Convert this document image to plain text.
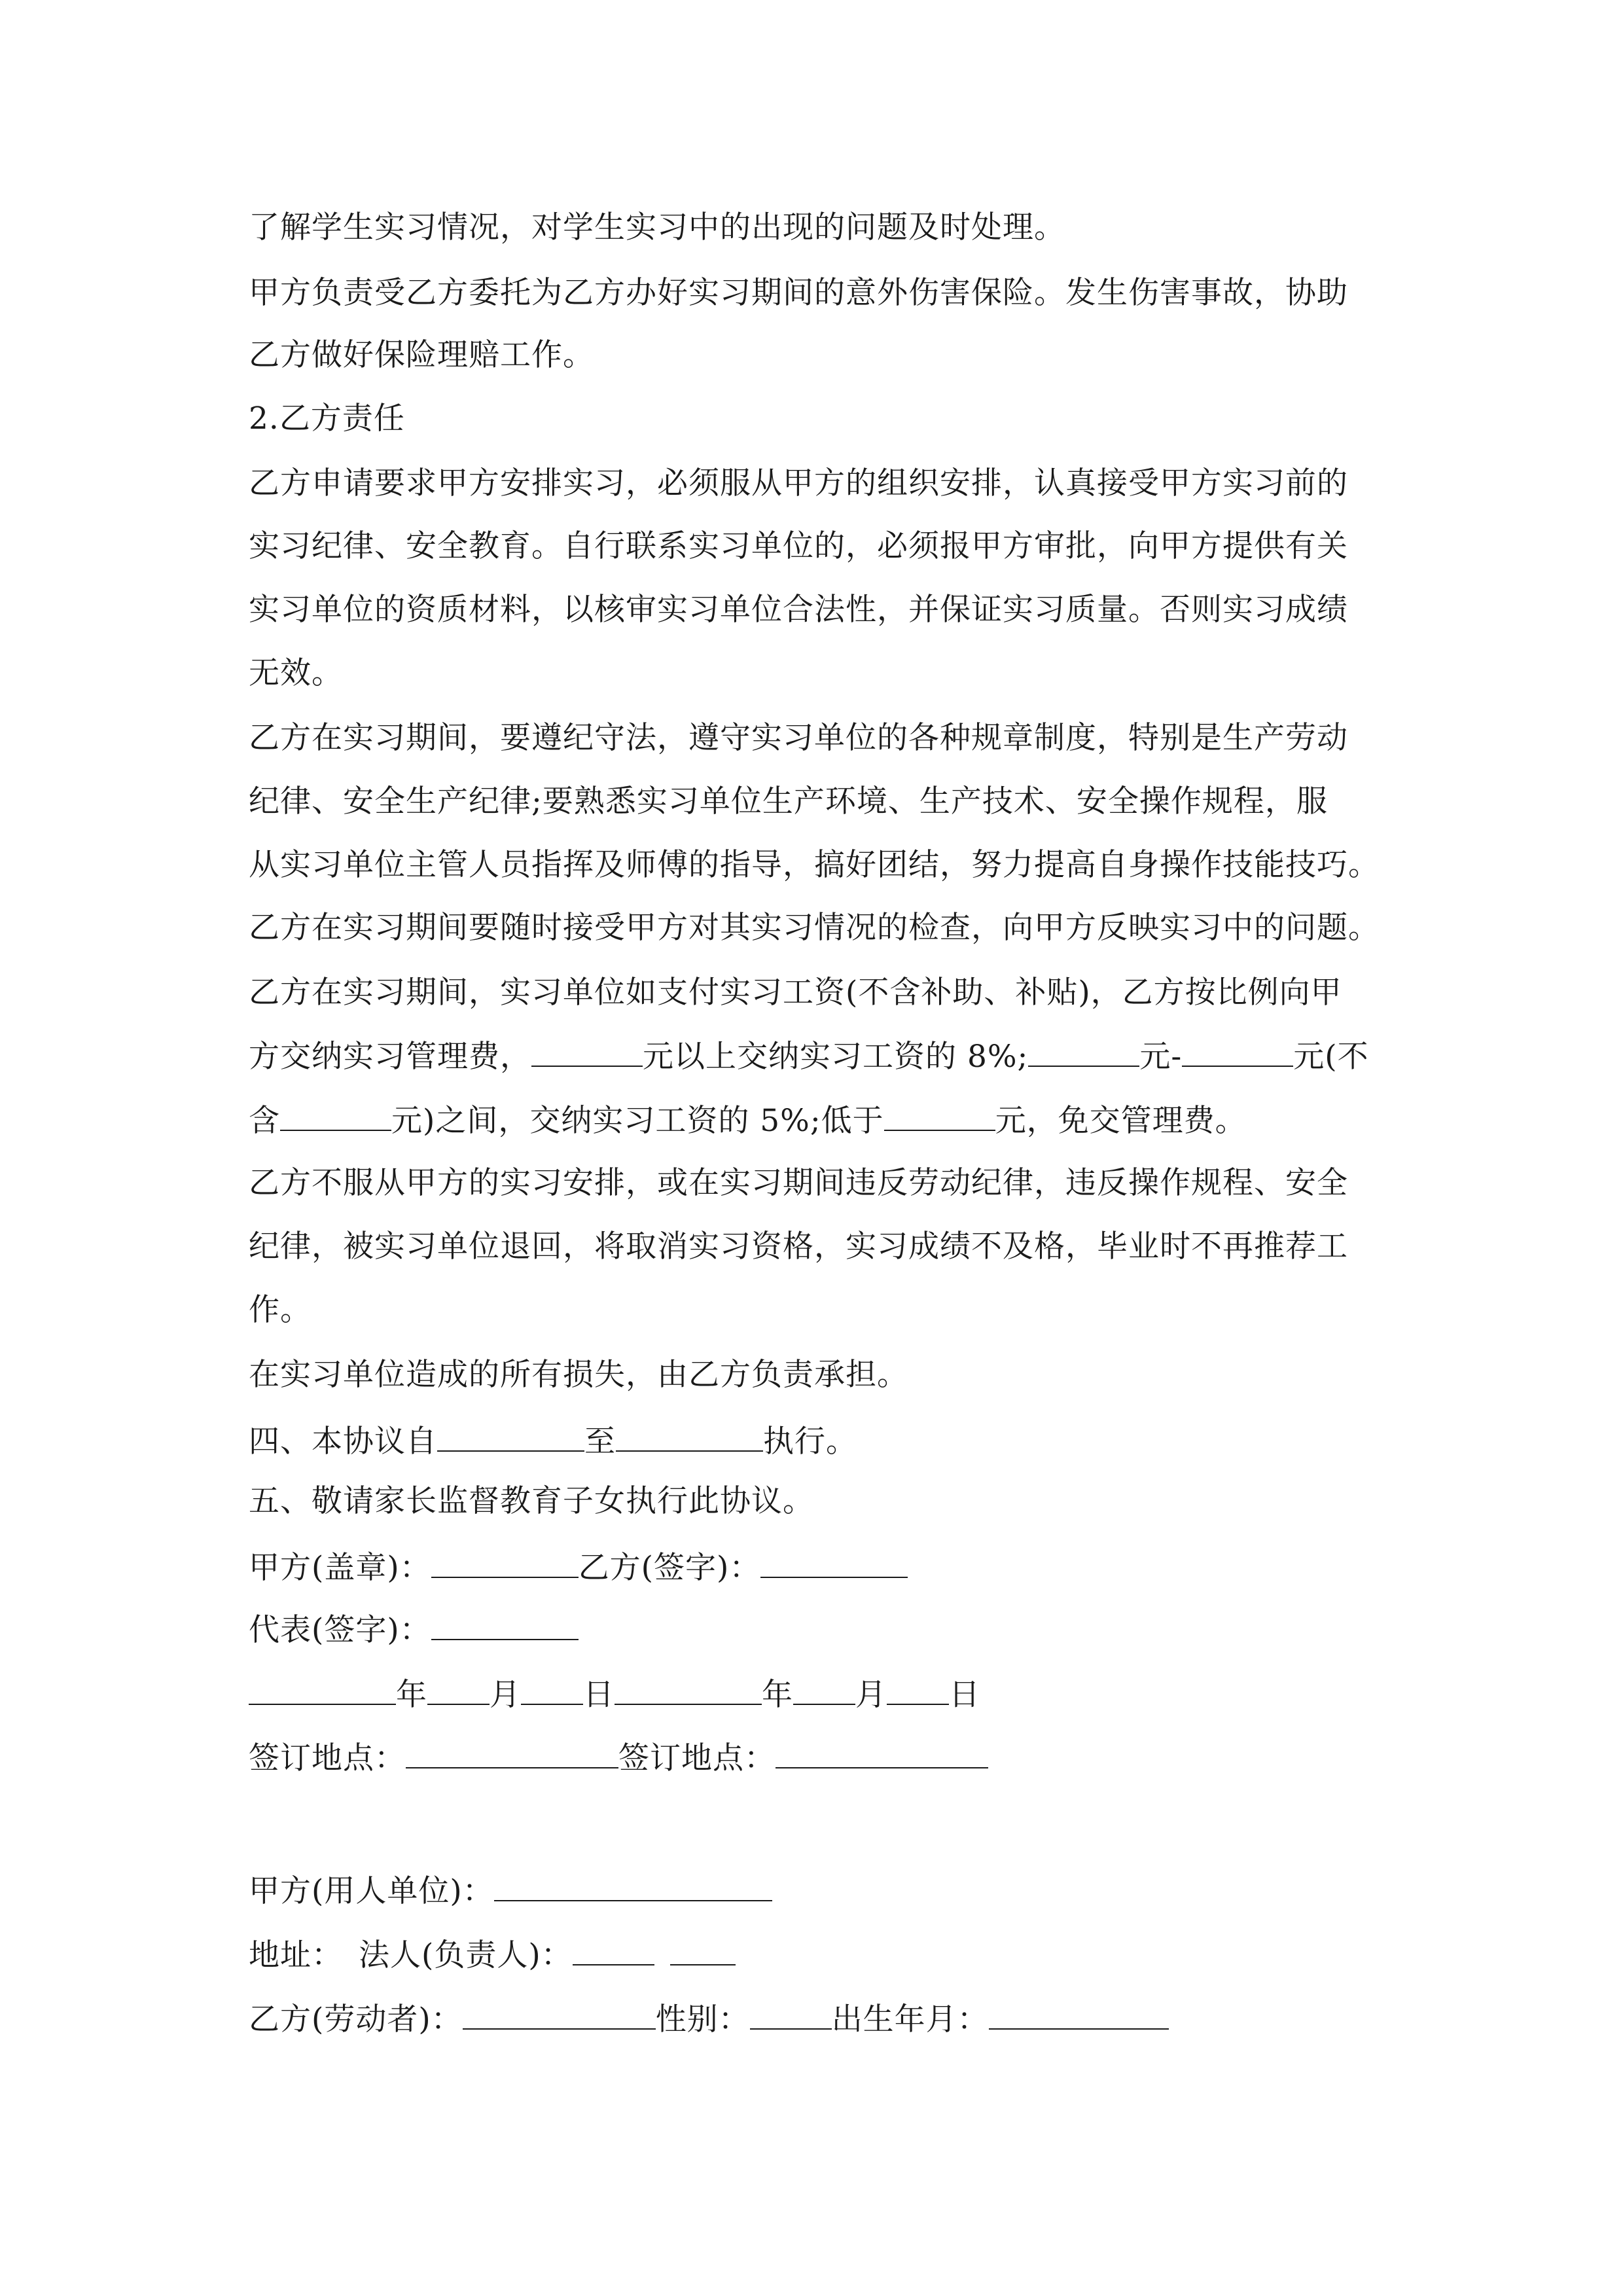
了解学生实习情况，对学生实习中的出现的问题及时处理。
甲方负责受乙方委托为乙方办好实习期间的意外伤害保险。发生伤害事故，协助
乙方做好保险理赔工作。
2.乙方责任
乙方申请要求甲方安排实习，必须服从甲方的组织安排，认真接受甲方实习前的
实习纪律、安全教育。自行联系实习单位的，必须报甲方审批，向甲方提供有关
实习单位的资质材料，以核审实习单位合法性，并保证实习质量。否则实习成绩
无效。
乙方在实习期间，要遵纪守法，遵守实习单位的各种规章制度，特别是生产劳动
纪律、安全生产纪律;要熟悉实习单位生产环境、生产技术、安全操作规程，服
从实习单位主管人员指挥及师傅的指导，搞好团结，努力提高自身操作技能技巧。
乙方在实习期间要随时接受甲方对其实习情况的检查，向甲方反映实习中的问题。
乙方在实习期间，实习单位如支付实习工资(不含补助、补贴)，乙方按比例向甲
方交纳实习管理费，	元以上交纳实习工资的 8%;	元-	元(不
含	元)之间，交纳实习工资的 5%;低于	元，免交管理费。
乙方不服从甲方的实习安排，或在实习期间违反劳动纪律，违反操作规程、安全
纪律，被实习单位退回，将取消实习资格，实习成绩不及格，毕业时不再推荐工
作。
在实习单位造成的所有损失，由乙方负责承担。
四、本协议自	至	执行。
五、敬请家长监督教育子女执行此协议。
甲方(盖章)：	乙方(签字)：
代表(签字)：
年 月 日	年 月 日
签订地点：	签订地点：
甲方(用人单位)：
地址： 法人(负责人)：
乙方(劳动者)：	性别：	出生年月：
